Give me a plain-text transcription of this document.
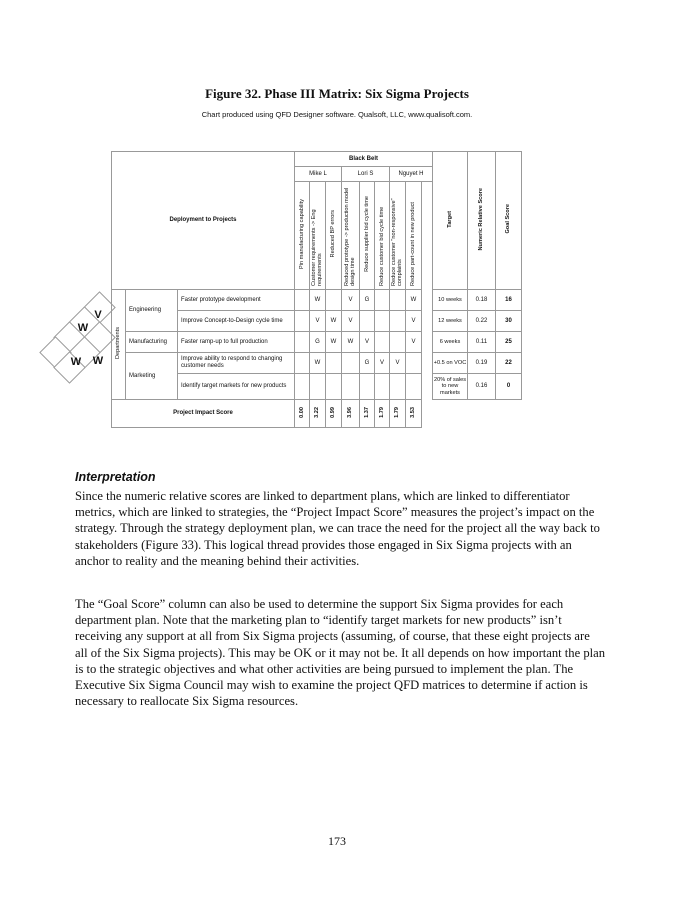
Figure 32. Phase III Matrix: Six Sigma Projects
Chart produced using QFD Designer software. Qualsoft, LLC, www.qualisoft.com.
V
W
W
W
Deployment to Projects			Black Belt									Target	Numeric Relative Score	Goal Score
			Mike L			Lori S			Nguyet H					
			Pin manufacturing capability	Customer requirements -> Eng requirements	Reduced BP errors	Reduced prototype -> production model design time	Reduce supplier bid cycle time	Reduce customer bid cycle time	Reduce customer "non-responsive" complaints	Reduce part-count in new product				
Departments	Engineering	Faster prototype development		W		V	G			W		10 weeks	0.18	16
		Improve Concept-to-Design cycle time		V	W	V				V		12 weeks	0.22	30
	Manufacturing	Faster ramp-up to full production		G	W	W	V			V		6 weeks	0.11	25
	Marketing	Improve ability to respond to changing customer needs		W			G	V	V			+0.5 on VOC	0.19	22
		Identify target markets for new products										20% of sales to new markets	0.16	0
Project Impact Score			0.00	3.22	0.99	3.96	1.37	1.79	1.79	3.53				
Interpretation

Since the numeric relative scores are linked to department plans, which are linked to differentiator metrics, which are linked to strategies, the “Project Impact Score” measures the project’s impact on the strategy. Through the strategy deployment plan, we can trace the need for the project all the way back to stakeholders (Figure 33). This logical thread provides those engaged in Six Sigma projects with an anchor to reality and the meaning behind their activities.

The “Goal Score” column can also be used to determine the support Six Sigma provides for each department plan. Note that the marketing plan to “identify target markets for new products” isn’t receiving any support at all from Six Sigma projects (assuming, of course, that these eight projects are all of the Six Sigma projects). This may be OK or it may not be. It all depends on how important the plan is to the strategic objectives and what other activities are being pursued to implement the plan. The Executive Six Sigma Council may wish to examine the project QFD matrices to determine if action is necessary to reallocate Six Sigma resources.

173
